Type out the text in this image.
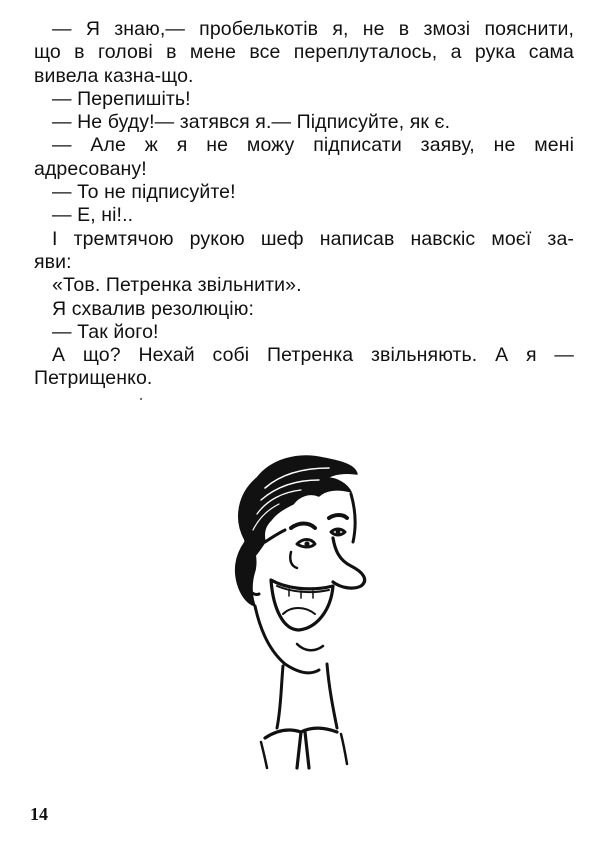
— Я знаю,— пробелькотів я, не в змозі пояснити,
що в голові в мене все переплуталось, а рука сама
вивела казна-що.
— Перепишіть!
— Не буду!— затявся я.— Підписуйте, як є.
— Але ж я не можу підписати заяву, не мені
адресовану!
— То не підписуйте!
— Е, ні!..
І тремтячою рукою шеф написав навскіс моєї за-
яви:
«Тов. Петренка звільнити».
Я схвалив резолюцію:
— Так його!
А що? Нехай собі Петренка звільняють. А я —
Петрищенко.
14
